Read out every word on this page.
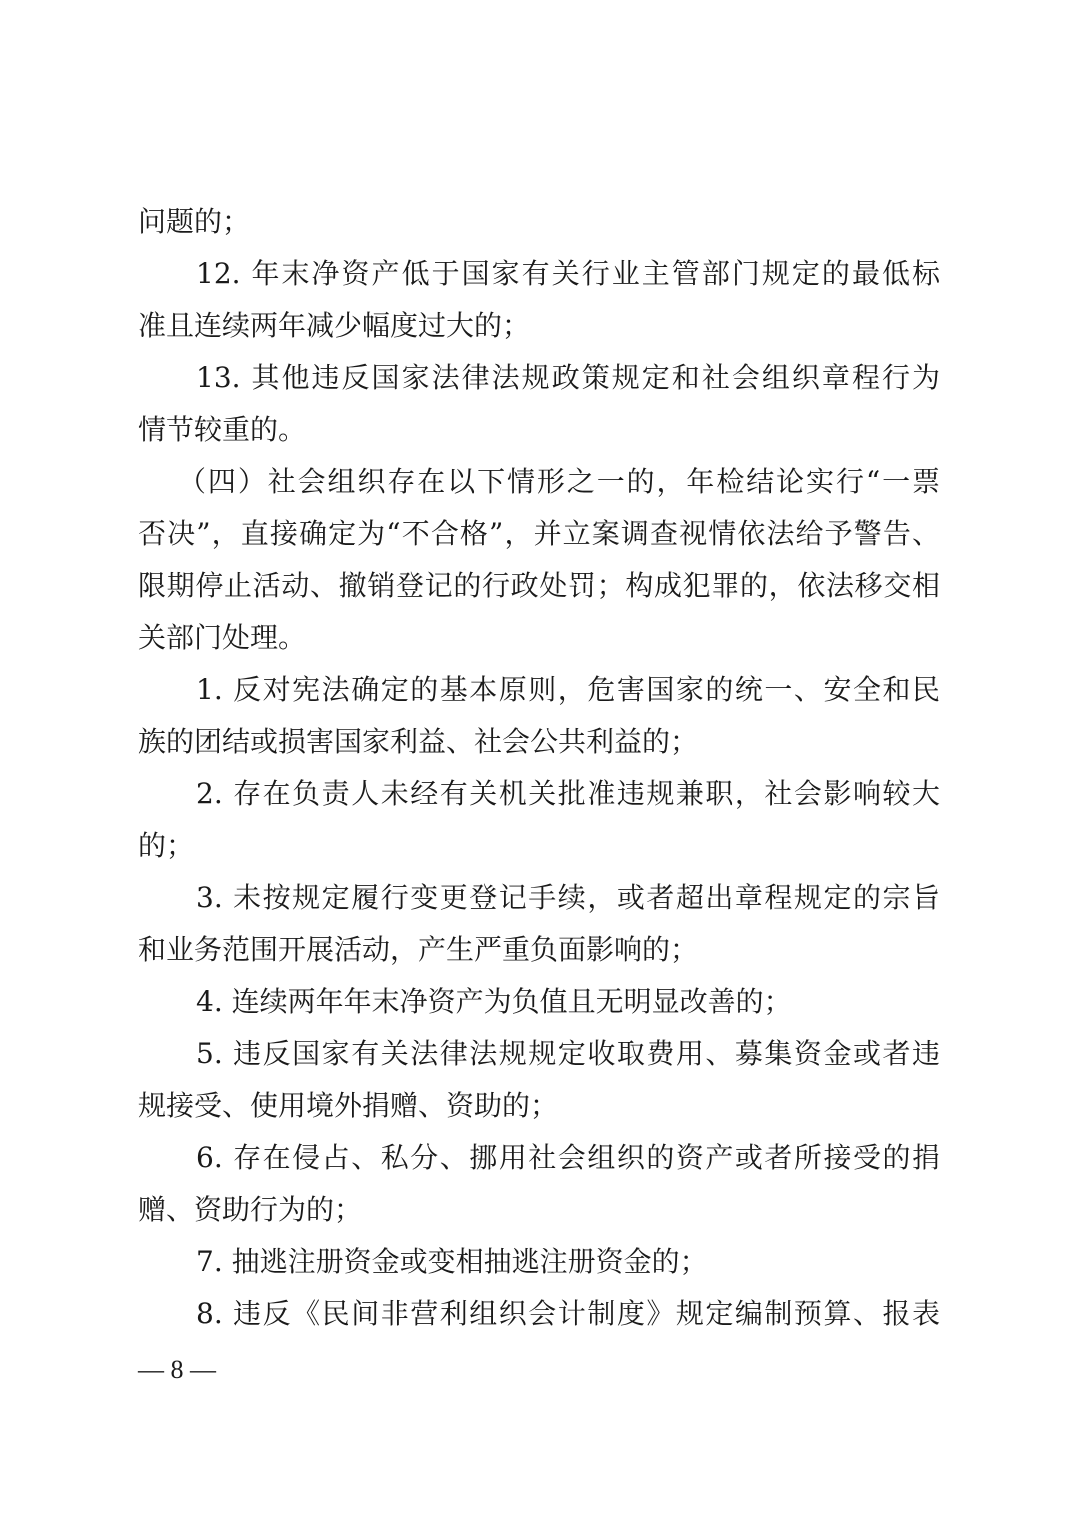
问题的；
12. 年末净资产低于国家有关行业主管部门规定的最低标
准且连续两年减少幅度过大的；
13. 其他违反国家法律法规政策规定和社会组织章程行为
情节较重的。
（四）社会组织存在以下情形之一的，年检结论实行“一票
否决”，直接确定为“不合格”，并立案调查视情依法给予警告、
限期停止活动、撤销登记的行政处罚；构成犯罪的，依法移交相
关部门处理。
1. 反对宪法确定的基本原则，危害国家的统一、安全和民
族的团结或损害国家利益、社会公共利益的；
2. 存在负责人未经有关机关批准违规兼职，社会影响较大
的；
3. 未按规定履行变更登记手续，或者超出章程规定的宗旨
和业务范围开展活动，产生严重负面影响的；
4. 连续两年年末净资产为负值且无明显改善的；
5. 违反国家有关法律法规规定收取费用、募集资金或者违
规接受、使用境外捐赠、资助的；
6. 存在侵占、私分、挪用社会组织的资产或者所接受的捐
赠、资助行为的；
7. 抽逃注册资金或变相抽逃注册资金的；
8. 违反《民间非营利组织会计制度》规定编制预算、报表
— 8 —
